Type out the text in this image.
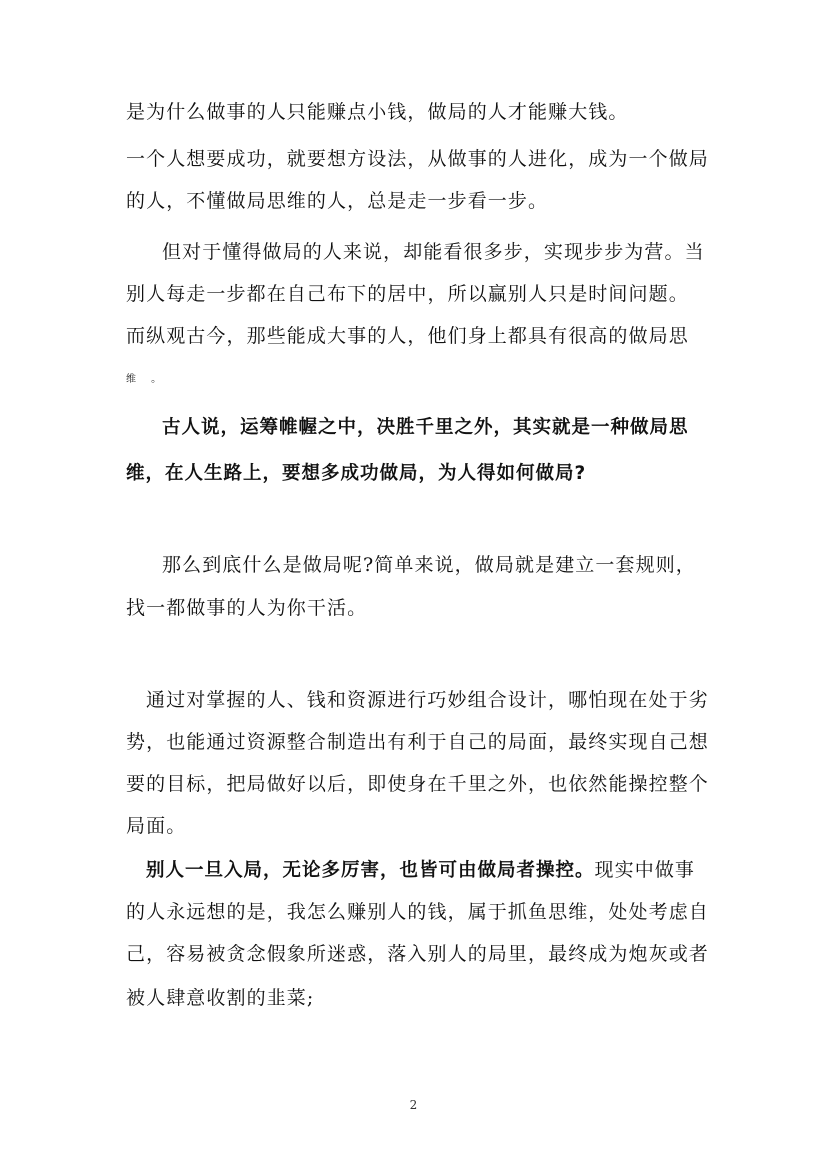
是为什么做事的人只能赚点小钱，做局的人才能赚大钱。
一个人想要成功，就要想方设法，从做事的人进化，成为一个做局
的人，不懂做局思维的人，总是走一步看一步。
但对于懂得做局的人来说，却能看很多步，实现步步为营。当
别人每走一步都在自己布下的居中，所以赢别人只是时间问题。
而纵观古今，那些能成大事的人，他们身上都具有很高的做局思
维 。
古人说，运筹帷幄之中，决胜千里之外，其实就是一种做局思
维，在人生路上，要想多成功做局，为人得如何做局?
那么到底什么是做局呢?简单来说，做局就是建立一套规则，
找一都做事的人为你干活。
通过对掌握的人、钱和资源进行巧妙组合设计，哪怕现在处于劣
势，也能通过资源整合制造出有利于自己的局面，最终实现自己想
要的目标，把局做好以后，即使身在千里之外，也依然能操控整个
局面。
别人一旦入局，无论多厉害，也皆可由做局者操控。现实中做事
的人永远想的是，我怎么赚别人的钱，属于抓鱼思维，处处考虑自
己，容易被贪念假象所迷惑，落入别人的局里，最终成为炮灰或者
被人肆意收割的韭菜;
2
